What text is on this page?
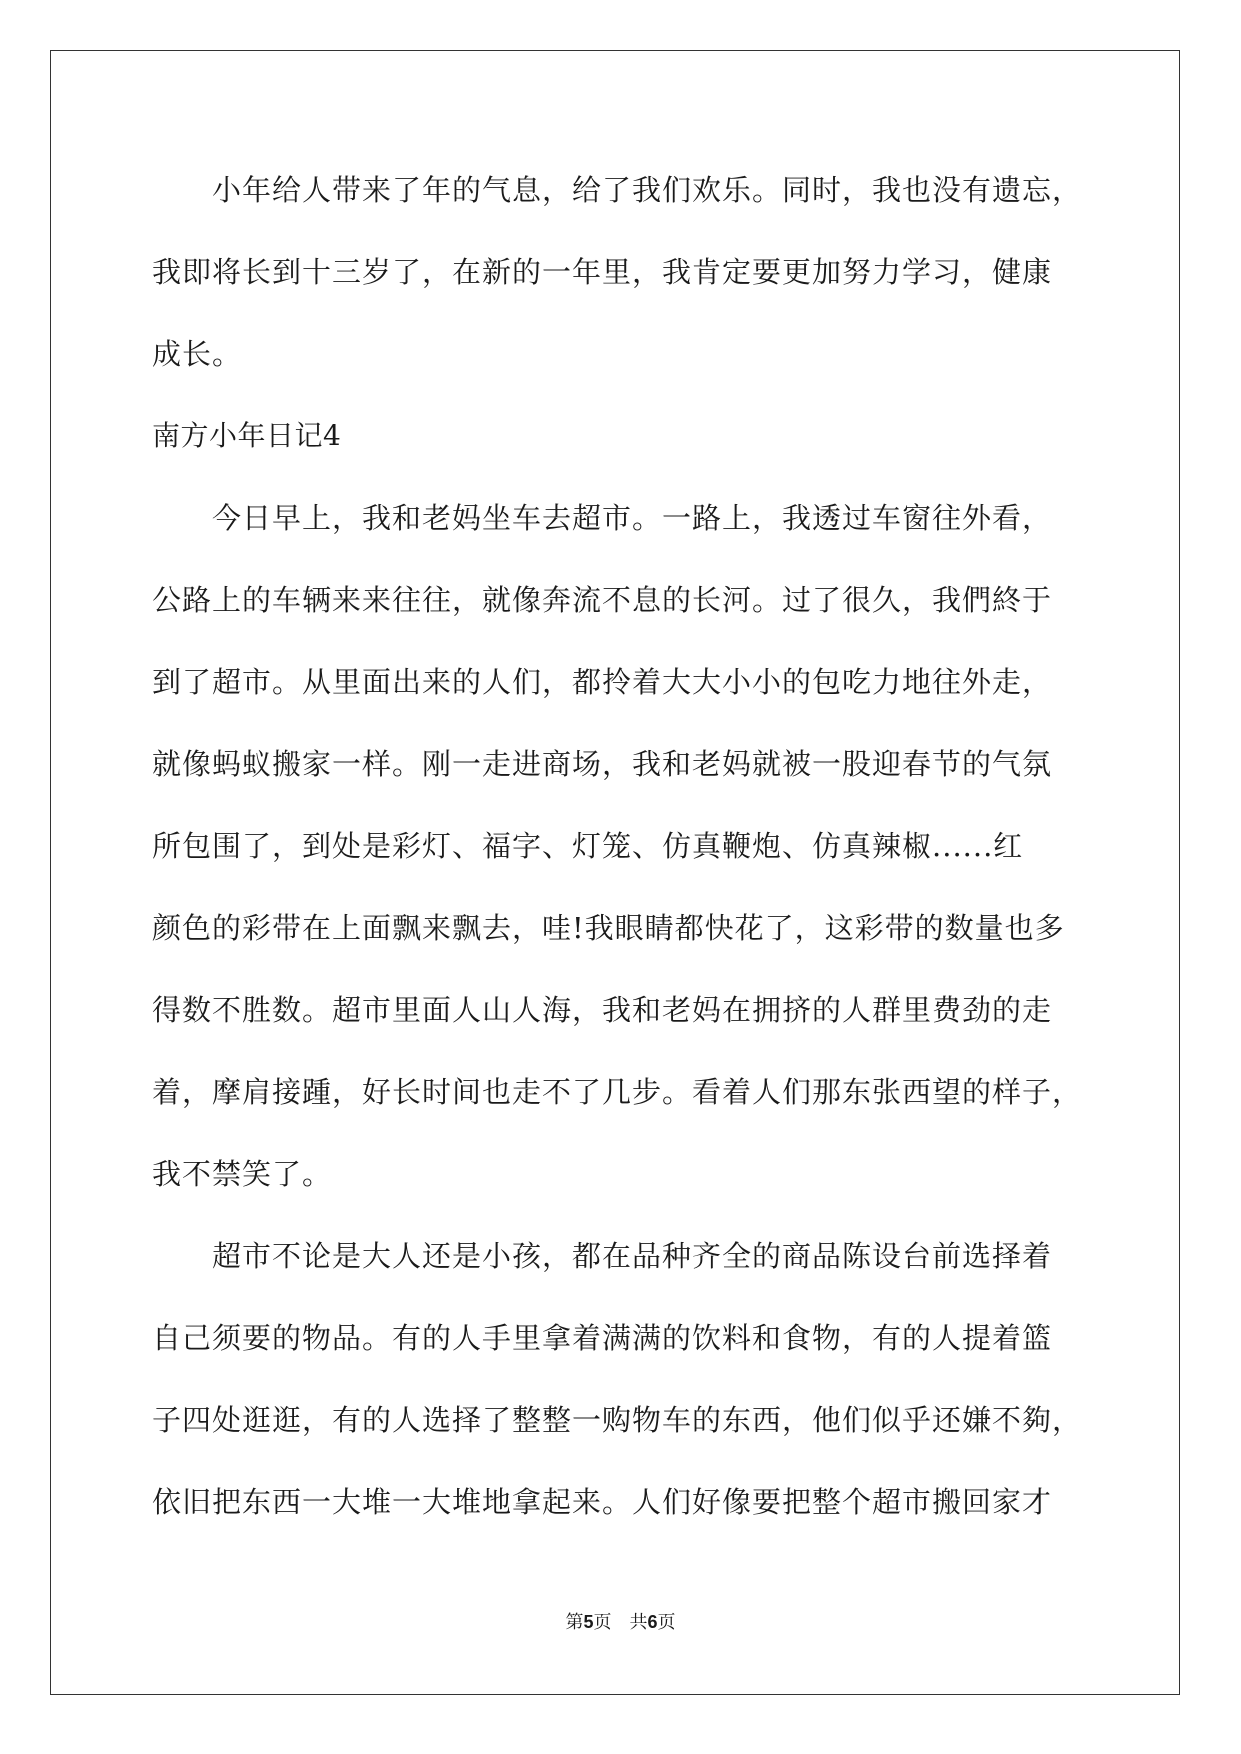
小年给人带来了年的气息，给了我们欢乐。同时，我也没有遗忘，
我即将长到十三岁了，在新的一年里，我肯定要更加努力学习，健康
成长。
南方小年日记4
今日早上，我和老妈坐车去超市。一路上，我透过车窗往外看，
公路上的车辆来来往往，就像奔流不息的长河。过了很久，我們終于
到了超市。从里面出来的人们，都拎着大大小小的包吃力地往外走，
就像蚂蚁搬家一样。刚一走进商场，我和老妈就被一股迎春节的气氛
所包围了，到处是彩灯、福字、灯笼、仿真鞭炮、仿真辣椒......红
颜色的彩带在上面飘来飘去，哇!我眼睛都快花了，这彩带的数量也多
得数不胜数。超市里面人山人海，我和老妈在拥挤的人群里费劲的走
着，摩肩接踵，好长时间也走不了几步。看着人们那东张西望的样子，
我不禁笑了。
超市不论是大人还是小孩，都在品种齐全的商品陈设台前选择着
自己须要的物品。有的人手里拿着满满的饮料和食物，有的人提着篮
子四处逛逛，有的人选择了整整一购物车的东西，他们似乎还嫌不夠，
依旧把东西一大堆一大堆地拿起来。人们好像要把整个超市搬回家才
第5页　共6页
